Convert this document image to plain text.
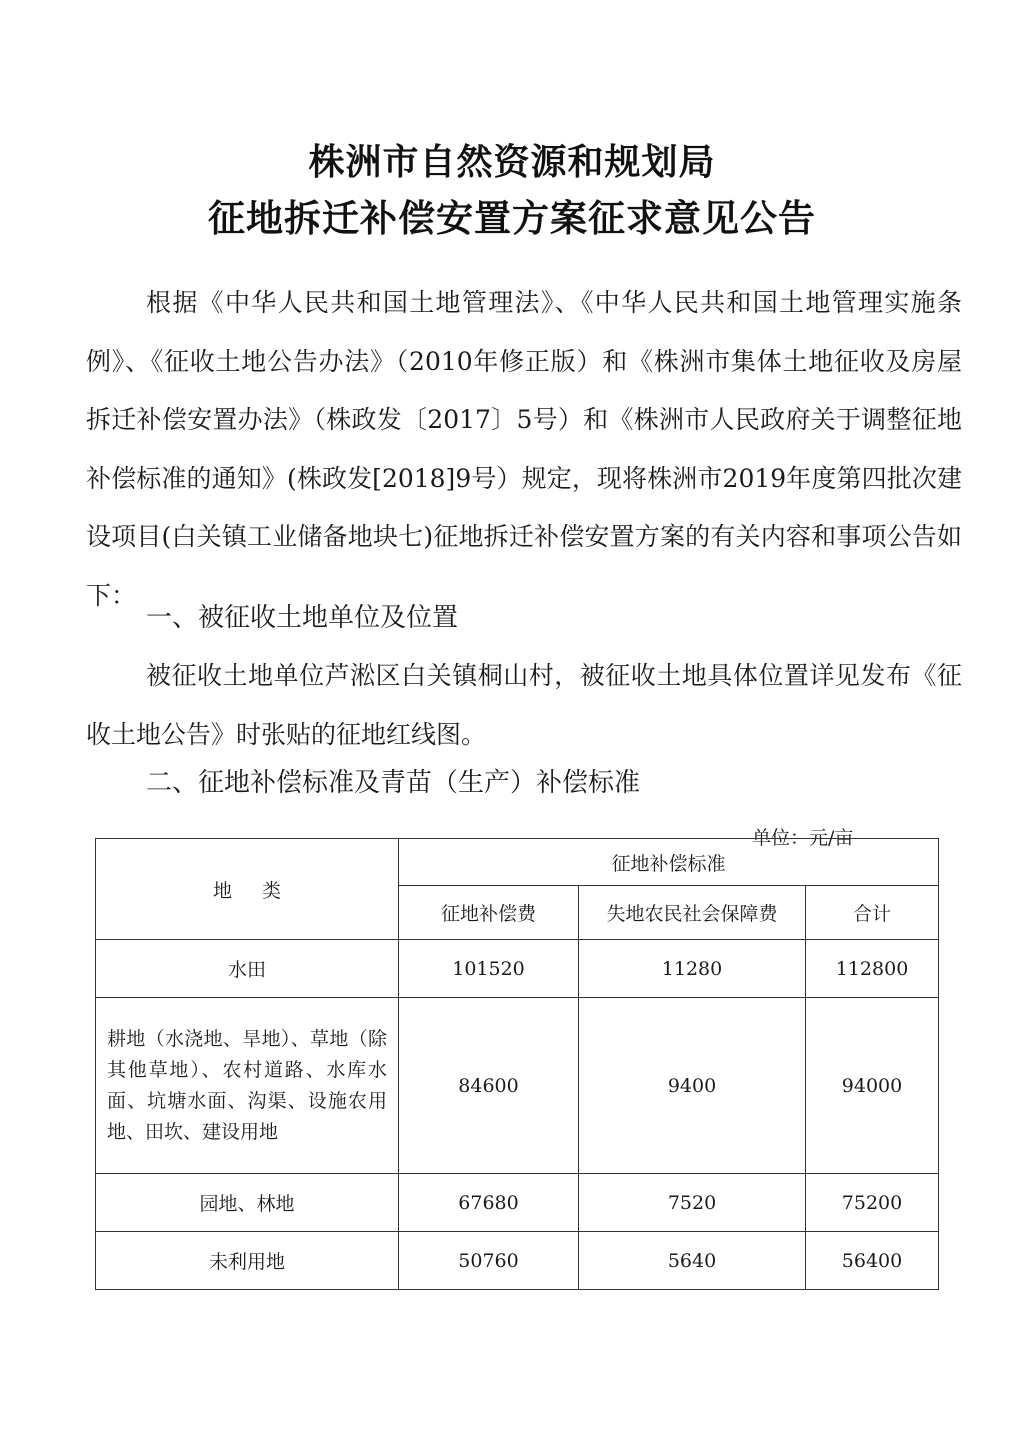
株洲市自然资源和规划局
征地拆迁补偿安置方案征求意见公告
根据《中华人民共和国土地管理法》、《中华人民共和国土地管理实施条例》、《征收土地公告办法》（2010年修正版）和《株洲市集体土地征收及房屋拆迁补偿安置办法》（株政发〔2017〕5号）和《株洲市人民政府关于调整征地补偿标准的通知》(株政发[2018]9号）规定，现将株洲市2019年度第四批次建设项目(白关镇工业储备地块七)征地拆迁补偿安置方案的有关内容和事项公告如下：
一、被征收土地单位及位置
被征收土地单位芦淞区白关镇桐山村，被征收土地具体位置详见发布《征收土地公告》时张贴的征地红线图。
二、征地补偿标准及青苗（生产）补偿标准
单位：元/亩
地类	征地补偿标准		
	征地补偿费	失地农民社会保障费	合计
水田	101520	11280	112800
耕地（水浇地、旱地）、草地（除其他草地）、农村道路、水库水面、坑塘水面、沟渠、设施农用地、田坎、建设用地	84600	9400	94000
园地、林地	67680	7520	75200
未利用地	50760	5640	56400
